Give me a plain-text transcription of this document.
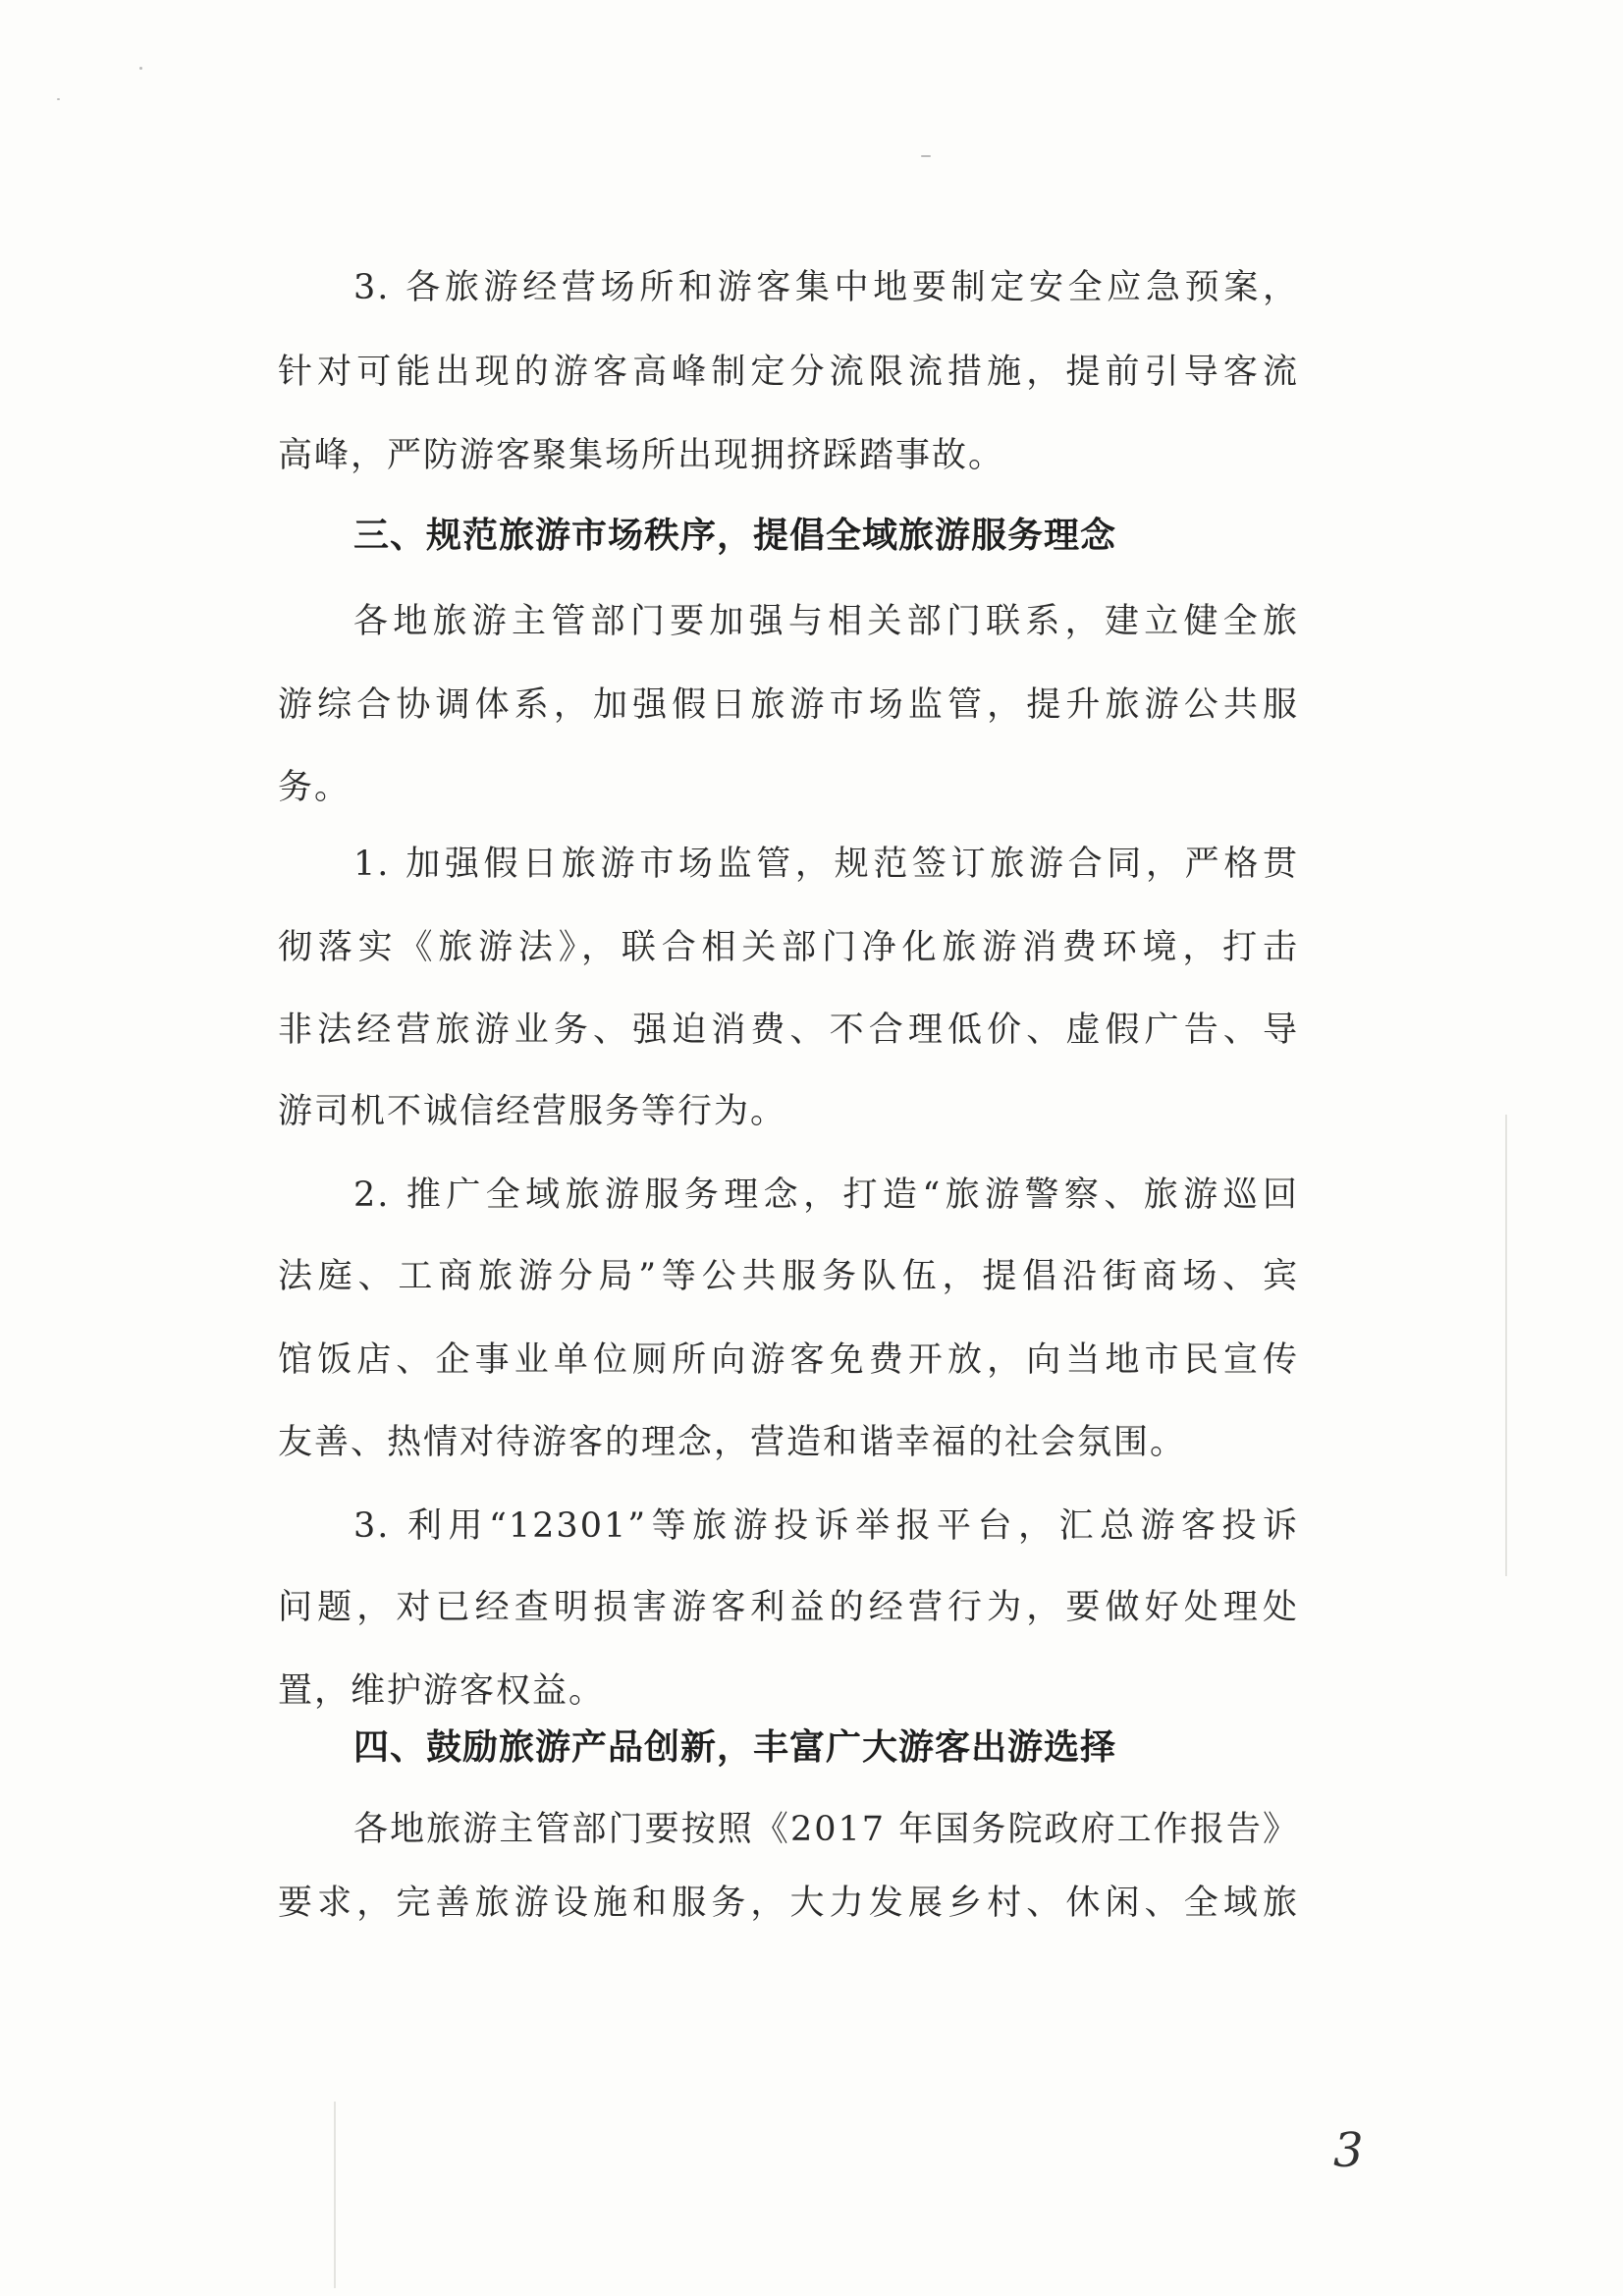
3. 各旅游经营场所和游客集中地要制定安全应急预案，

针对可能出现的游客高峰制定分流限流措施，提前引导客流

高峰，严防游客聚集场所出现拥挤踩踏事故。

三、规范旅游市场秩序，提倡全域旅游服务理念

各地旅游主管部门要加强与相关部门联系，建立健全旅

游综合协调体系，加强假日旅游市场监管，提升旅游公共服

务。

1. 加强假日旅游市场监管，规范签订旅游合同，严格贯

彻落实《旅游法》，联合相关部门净化旅游消费环境，打击

非法经营旅游业务、强迫消费、不合理低价、虚假广告、导

游司机不诚信经营服务等行为。

2. 推广全域旅游服务理念，打造“旅游警察、旅游巡回

法庭、工商旅游分局”等公共服务队伍，提倡沿街商场、宾

馆饭店、企事业单位厕所向游客免费开放，向当地市民宣传

友善、热情对待游客的理念，营造和谐幸福的社会氛围。

3. 利用“12301”等旅游投诉举报平台，汇总游客投诉

问题，对已经查明损害游客利益的经营行为，要做好处理处

置，维护游客权益。

四、鼓励旅游产品创新，丰富广大游客出游选择

各地旅游主管部门要按照《2017 年国务院政府工作报告》

要求，完善旅游设施和服务，大力发展乡村、休闲、全域旅

3
